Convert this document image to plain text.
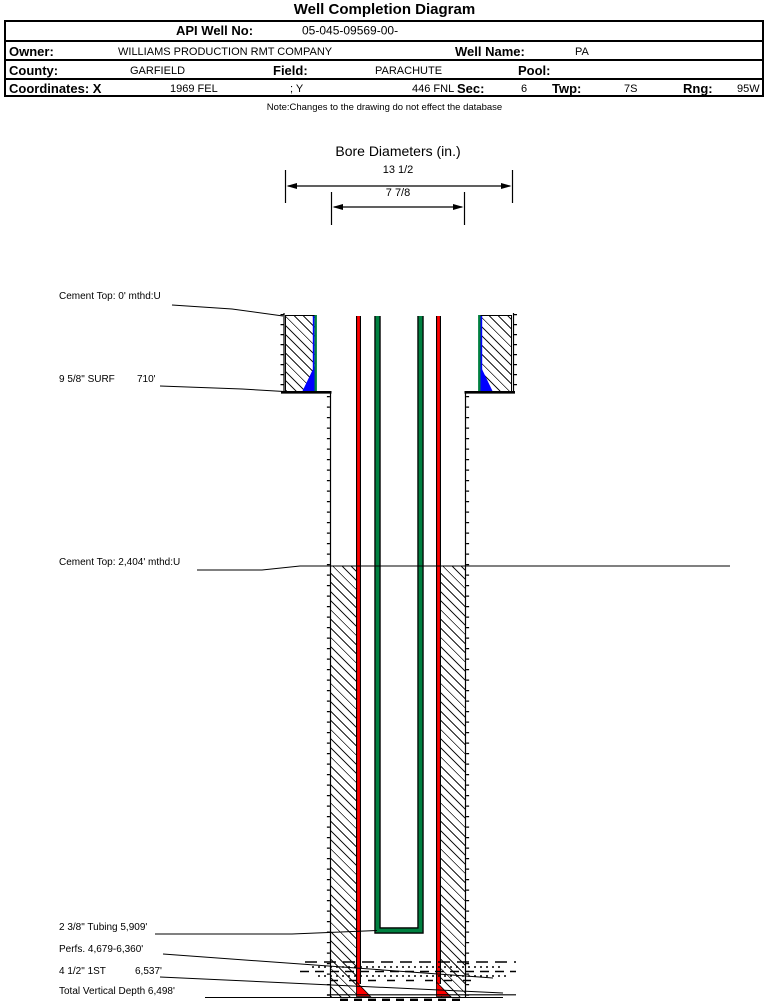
Well Completion Diagram
API Well No:	05-045-09569-00-
Owner:	WILLIAMS PRODUCTION RMT COMPANY	Well Name:	PA
County:	GARFIELD	Field:	PARACHUTE	Pool:
Coordinates: X	1969 FEL	; Y	446 FNL Sec:	6 Twp:	7S	Rng: 95W
Note:Changes to the drawing do not effect the database
Bore Diameters (in.)
13 1/2
7 7/8
Cement Top: 0' mthd:U
9 5/8" SURF 710'
Cement Top: 2,404' mthd:U
2 3/8" Tubing 5,909'
Perfs. 4,679-6,360'
4 1/2" 1ST	6,537'
Total Vertical Depth 6,498'
